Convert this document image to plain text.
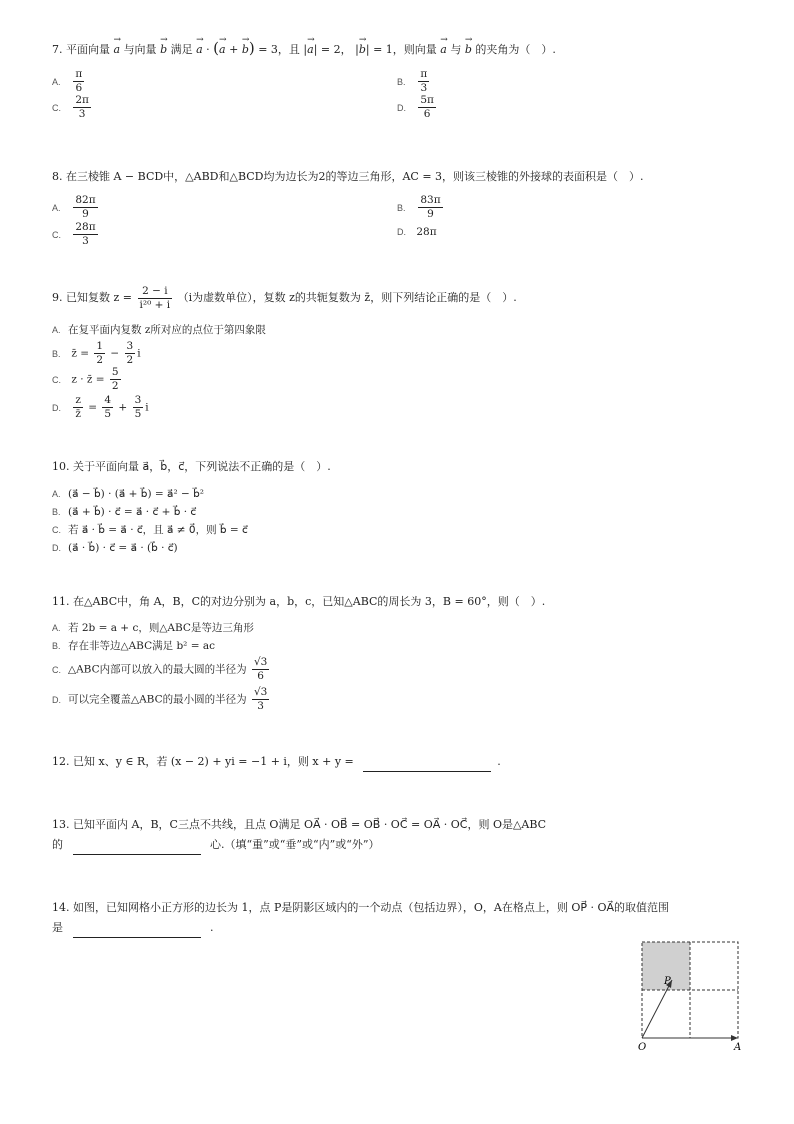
7. 平面向量 → a 与向量 → b 满足 → a · (→ a + → b) = 3，且 |→ a| = 2， |→ b| = 1，则向量 → a 与 → b 的夹角为（　）.
A. $\frac{\pi}{6}$	B. $\frac{\pi}{3}$
C. $\frac{2\pi}{3}$	D. $\frac{5\pi}{6}$
8. 在三棱锥 A − BCD中，△ABD和△BCD均为边长为2的等边三角形，AC = 3，则该三棱锥的外接球的表面积是（　）.
A. $\frac{82\pi}{9}$	B. $\frac{83\pi}{9}$
C. $\frac{28\pi}{3}$	D. 28π
9. 已知复数 $z = \frac{2 - i}{\text{i²⁰ + i}} (i$为虚数单位），复数 z的共轭复数为 z̄，则下列结论正确的是（　）.
A. 在复平面内复数 z所对应的点位于第四象限
B. z̄ = $\frac{1}{2} - \frac{3}{2}$ i
C. z · z̄ = $\frac{5}{2}$
D. $\frac{z}{z̄} = \frac{4}{5} + \frac{3}{5}$ i
10. 关于平面向量 a⃗，b⃗，c⃗，下列说法不正确的是（　）.
A. (a⃗ − b⃗) · (a⃗ + b⃗) = a⃗² − b⃗²
B. (a⃗ + b⃗) · c⃗ = a⃗ · c⃗ + b⃗ · c⃗
C. 若 a⃗ · b⃗ = a⃗ · c⃗，且 a⃗ ≠ 0⃗，则 b⃗ = c⃗
D. (a⃗ · b⃗) · c⃗ = a⃗ · (b⃗ · c⃗)
11. 在△ABC中，角 A，B，C的对边分别为 a，b，c，已知△ABC的周长为 3，B = 60°，则（　）.
A. 若 2b = a + c，则△ABC是等边三角形
B. 存在非等边△ABC满足 b² = ac
C. △ABC内部可以放入的最大圆的半径为 $\frac{√3}{6}$
D. 可以完全覆盖△ABC的最小圆的半径为 $\frac{√3}{3}$
12. 已知 x、y ∈ R，若 (x − 2) + yi = −1 + i，则 x + y =	.
13. 已知平面内 A，B，C三点不共线，且点 O满足 OA⃗ · OB⃗ = OB⃗ · OC⃗ = OA⃗ · OC⃗，则 O是△ABC
的	心.（填“重”或“垂”或“内”或“外”）
14. 如图，已知网格小正方形的边长为 1，点 P是阴影区域内的一个动点（包括边界），O，A在格点上，则 OP⃗ · OA⃗的取值范围
是	.
P
O	A
